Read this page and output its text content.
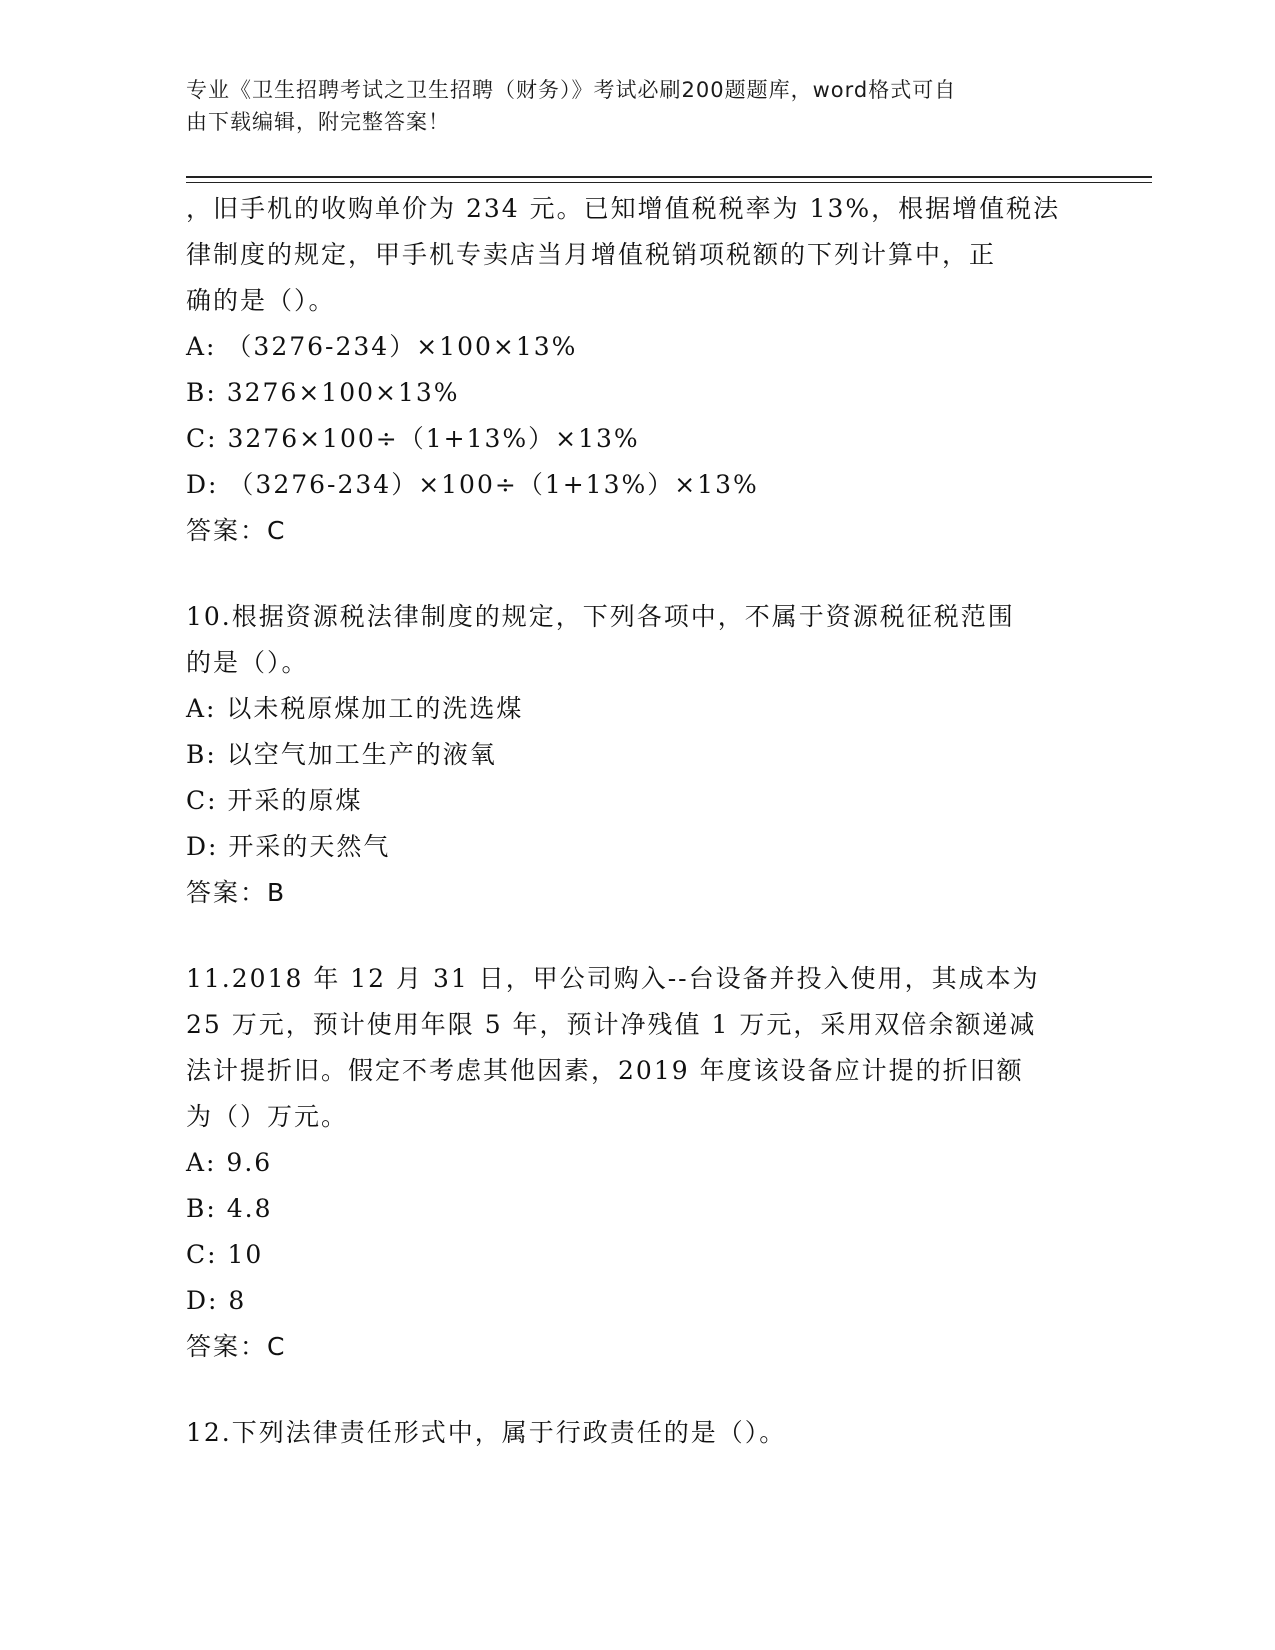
专业《卫生招聘考试之卫生招聘（财务）》考试必刷200题题库，word格式可自
由下载编辑，附完整答案！
，旧手机的收购单价为 234 元。已知增值税税率为 13%，根据增值税法
律制度的规定，甲手机专卖店当月增值税销项税额的下列计算中，正
确的是（）。
A: （3276-234）×100×13%
B: 3276×100×13%
C: 3276×100÷（1+13%）×13%
D: （3276-234）×100÷（1+13%）×13%
答案：C
10.根据资源税法律制度的规定，下列各项中，不属于资源税征税范围
的是（）。
A: 以未税原煤加工的洗选煤
B: 以空气加工生产的液氧
C: 开采的原煤
D: 开采的天然气
答案：B
11.2018 年 12 月 31 日，甲公司购入--台设备并投入使用，其成本为
25 万元，预计使用年限 5 年，预计净残值 1 万元，采用双倍余额递减
法计提折旧。假定不考虑其他因素，2019 年度该设备应计提的折旧额
为（）万元。
A: 9.6
B: 4.8
C: 10
D: 8
答案：C
12.下列法律责任形式中，属于行政责任的是（）。
